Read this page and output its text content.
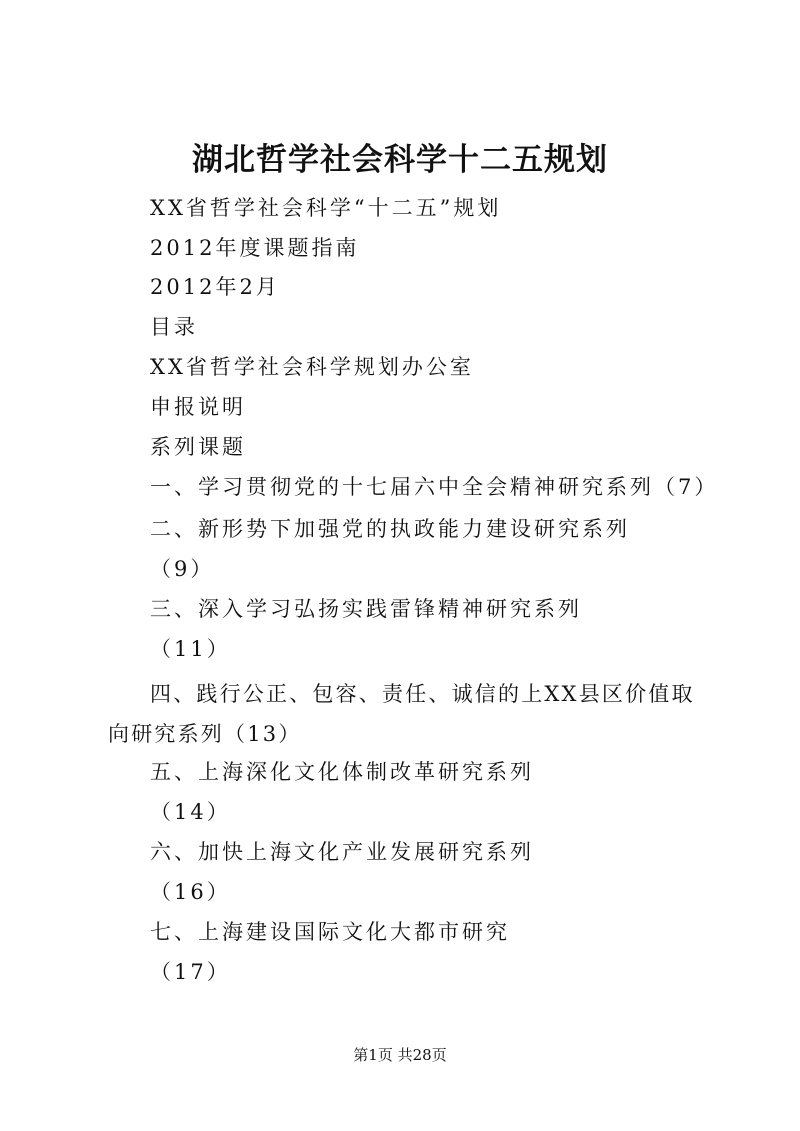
湖北哲学社会科学十二五规划

XX省哲学社会科学“十二五”规划

2012年度课题指南

2012年2月

目录

XX省哲学社会科学规划办公室

申报说明

系列课题

一、学习贯彻党的十七届六中全会精神研究系列（7）

二、新形势下加强党的执政能力建设研究系列

（9）

三、深入学习弘扬实践雷锋精神研究系列

（11）

四、践行公正、包容、责任、诚信的上XX县区价值取向研究系列（13）

五、上海深化文化体制改革研究系列

（14）

六、加快上海文化产业发展研究系列

（16）

七、上海建设国际文化大都市研究

（17）

第1页 共28页
